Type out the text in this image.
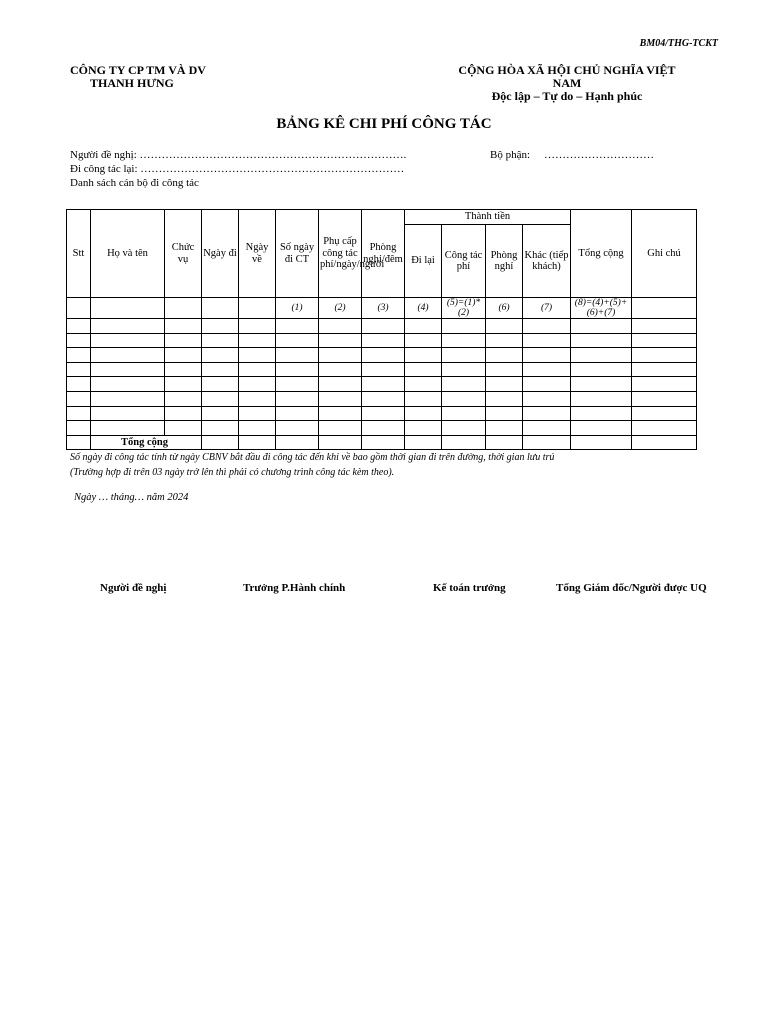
BM04/THG-TCKT
CÔNG TY CP TM VÀ DV
THANH HƯNG
CỘNG HÒA XÃ HỘI CHỦ NGHĨA VIỆT NAM
Độc lập – Tự do – Hạnh phúc
BẢNG KÊ CHI PHÍ CÔNG TÁC
Người đề nghị: ……………………………………………………………….	Bộ phận: …………………………
Đi công tác lại: ………………………………………………………………
Danh sách cán bộ đi công tác
Stt	Họ và tên	Chức vụ	Ngày đi	Ngày về	Số ngày đi CT	Phụ cấp công tác phí/ngày/người	Phòng nghỉ/đêm	Thành tiền				Tổng cộng	Ghi chú
								Đi lại	Công tác phí	Phòng nghỉ	Khác (tiếp khách)		
					(1)	(2)	(3)	(4)	(5)=(1)*(2)	(6)	(7)	(8)=(4)+(5)+(6)+(7)	

	Tổng cộng												
Số ngày đi công tác tính từ ngày CBNV bắt đầu đi công tác đến khi về bao gồm thời gian đi trên đường, thời gian lưu trú
(Trường hợp đi trên 03 ngày trở lên thì phải có chương trình công tác kèm theo).
Ngày … tháng… năm 2024
Người đề nghị	Trưởng P.Hành chính	Kế toán trưởng	Tổng Giám đốc/Người được UQ
